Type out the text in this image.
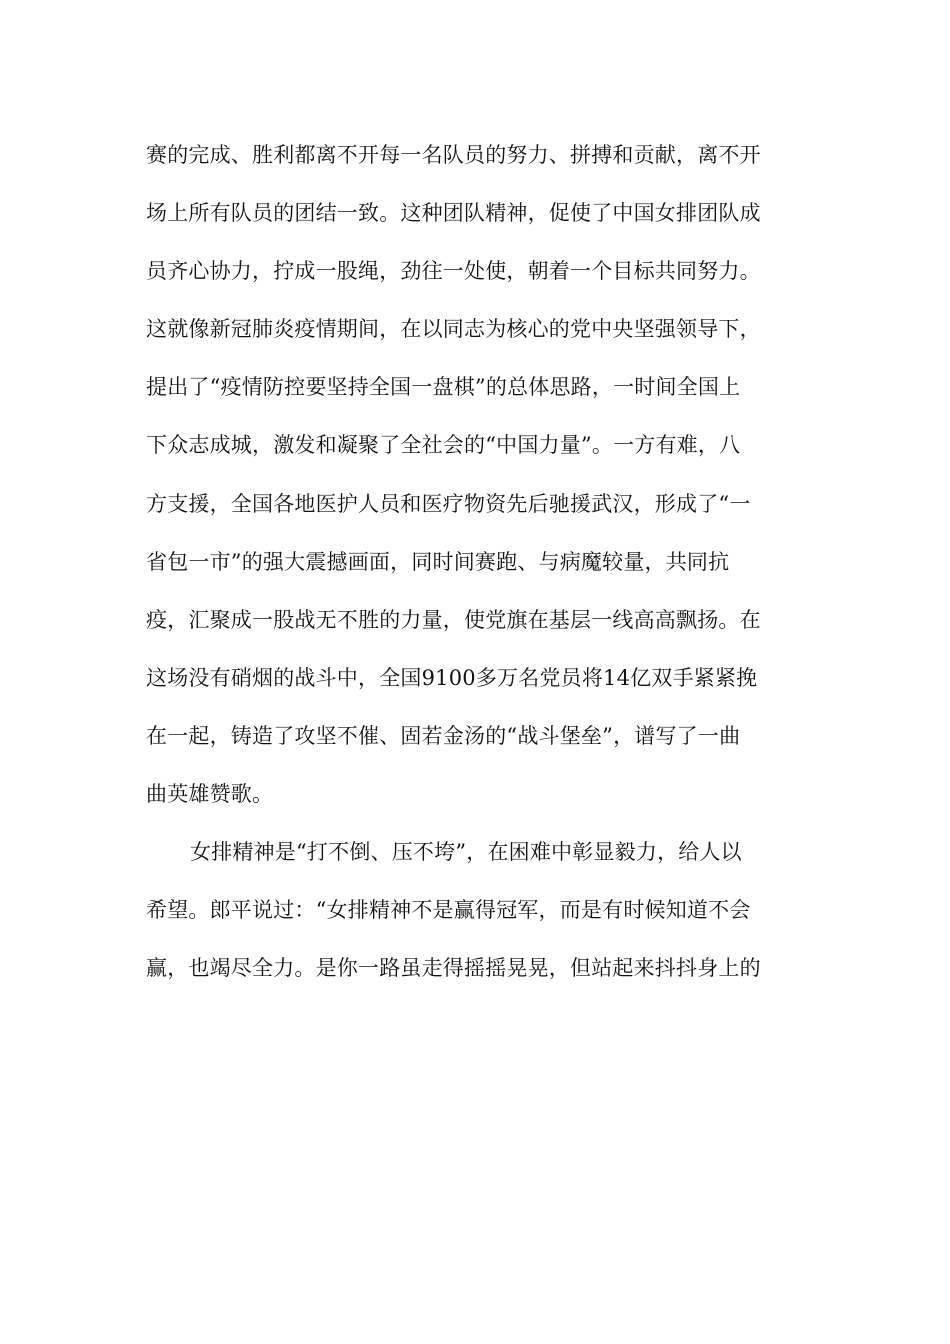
赛的完成、胜利都离不开每一名队员的努力、拼搏和贡献，离不开
场上所有队员的团结一致。这种团队精神，促使了中国女排团队成
员齐心协力，拧成一股绳，劲往一处使，朝着一个目标共同努力。
这就像新冠肺炎疫情期间，在以同志为核心的党中央坚强领导下，
提出了“疫情防控要坚持全国一盘棋”的总体思路，一时间全国上
下众志成城，激发和凝聚了全社会的“中国力量”。一方有难，八
方支援，全国各地医护人员和医疗物资先后驰援武汉，形成了“一
省包一市”的强大震撼画面，同时间赛跑、与病魔较量，共同抗
疫，汇聚成一股战无不胜的力量，使党旗在基层一线高高飘扬。在
这场没有硝烟的战斗中，全国9100多万名党员将14亿双手紧紧挽
在一起，铸造了攻坚不催、固若金汤的“战斗堡垒”，谱写了一曲
曲英雄赞歌。
女排精神是“打不倒、压不垮”，在困难中彰显毅力，给人以
希望。郎平说过：“女排精神不是赢得冠军，而是有时候知道不会
赢，也竭尽全力。是你一路虽走得摇摇晃晃，但站起来抖抖身上的
